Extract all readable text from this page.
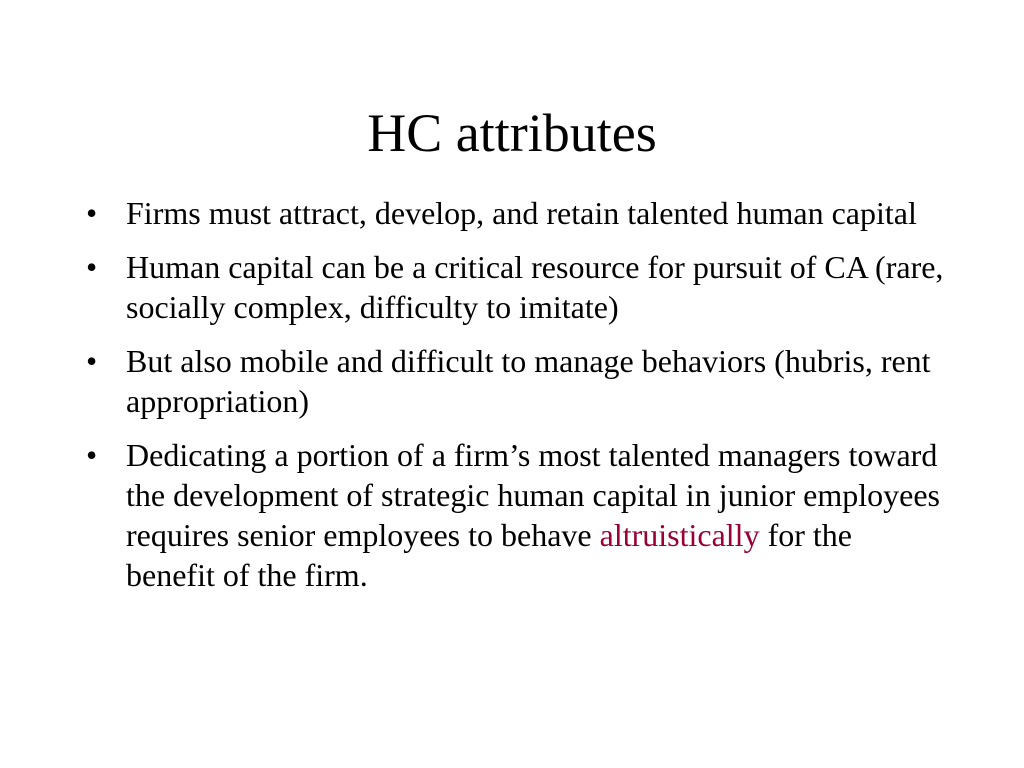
HC attributes
• Firms must attract, develop, and retain talented human capital
• Human capital can be a critical resource for pursuit of CA (rare, socially complex, difficulty to imitate)
• But also mobile and difficult to manage behaviors (hubris, rent appropriation)
• Dedicating a portion of a firm’s most talented managers toward the development of strategic human capital in junior employees requires senior employees to behave altruistically for the benefit of the firm.
